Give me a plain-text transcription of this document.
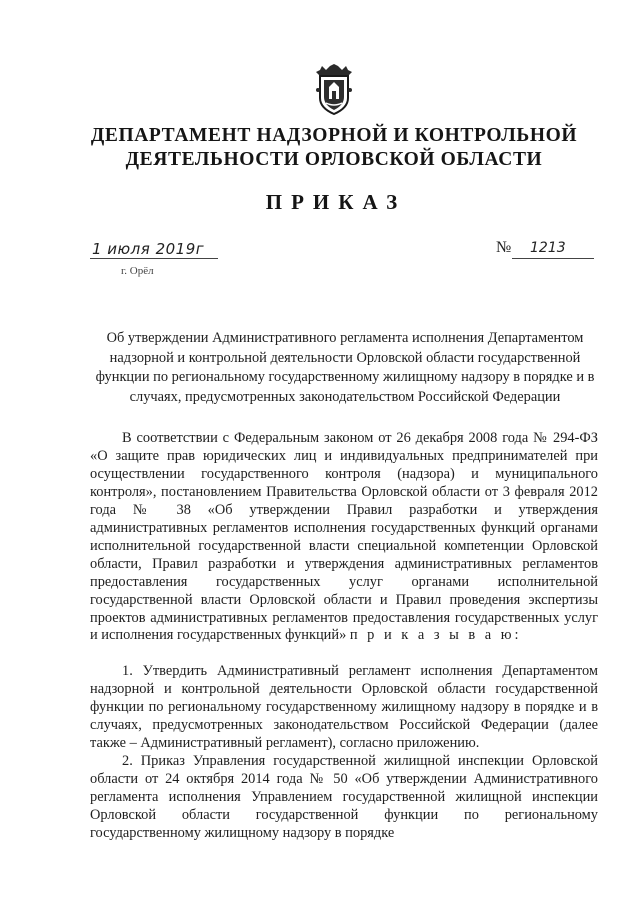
ДЕПАРТАМЕНТ НАДЗОРНОЙ И КОНТРОЛЬНОЙ
ДЕЯТЕЛЬНОСТИ ОРЛОВСКОЙ ОБЛАСТИ
ПРИКАЗ
1 июля 2019г
г. Орёл
№ 1213
Об утверждении Административного регламента исполнения Департаментом надзорной и контрольной деятельности Орловской области государственной функции по региональному государственному жилищному надзору в порядке и в случаях, предусмотренных законодательством Российской Федерации

В соответствии с Федеральным законом от 26 декабря 2008 года № 294-ФЗ «О защите прав юридических лиц и индивидуальных предпринимателей при осуществлении государственного контроля (надзора) и муниципального контроля», постановлением Правительства Орловской области от 3 февраля 2012 года № 38 «Об утверждении Правил разработки и утверждения административных регламентов исполнения государственных функций органами исполнительной государственной власти специальной компетенции Орловской области, Правил разработки и утверждения административных регламентов предоставления государственных услуг органами исполнительной государственной власти Орловской области и Правил проведения экспертизы проектов административных регламентов предоставления государственных услуг и исполнения государственных функций» п р и к а з ы в а ю:

1. Утвердить Административный регламент исполнения Департаментом надзорной и контрольной деятельности Орловской области государственной функции по региональному государственному жилищному надзору в порядке и в случаях, предусмотренных законодательством Российской Федерации (далее также – Административный регламент), согласно приложению.

2. Приказ Управления государственной жилищной инспекции Орловской области от 24 октября 2014 года № 50 «Об утверждении Административного регламента исполнения Управлением государственной жилищной инспекции Орловской области государственной функции по региональному государственному жилищному надзору в порядке
